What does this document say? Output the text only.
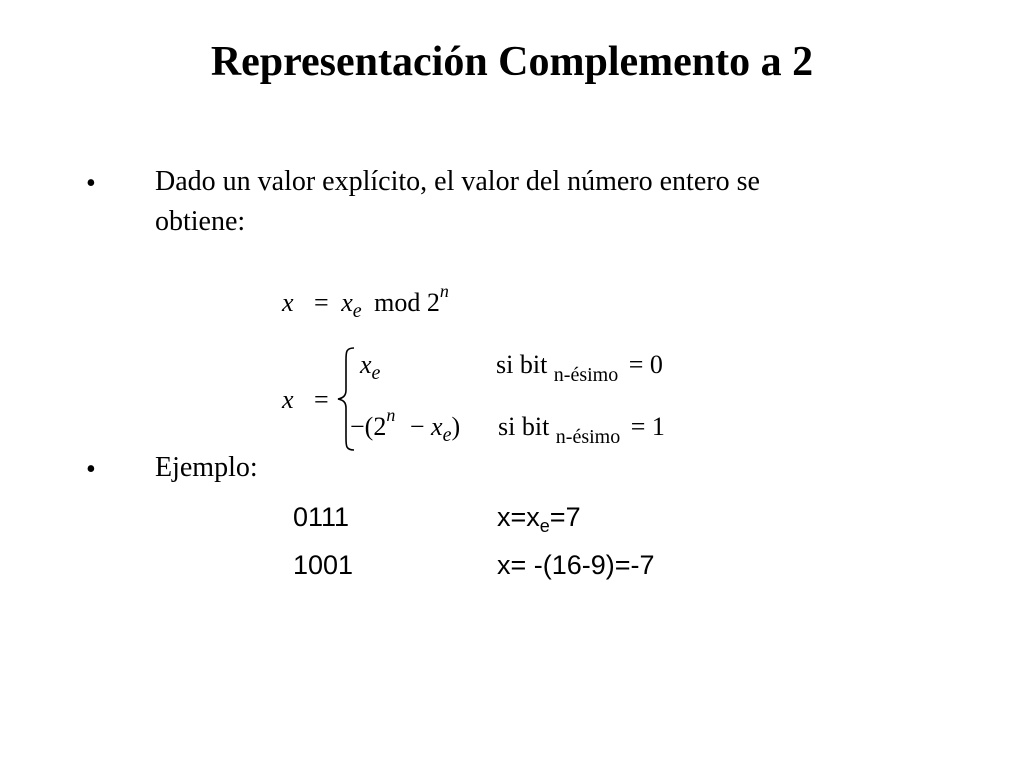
Representación Complemento a 2
• Dado un valor explícito, el valor del número entero se
obtiene:
$x = x_e$ mod 2$^n$
x =
$x_e$	si bit $_{n-ésimo}$ = 0
$-(2^n - x_e)$ si bit $_{n-ésimo}$ = 1
• Ejemplo:
0111	$x=x_e=7$
1001	x= -(16-9)=-7
